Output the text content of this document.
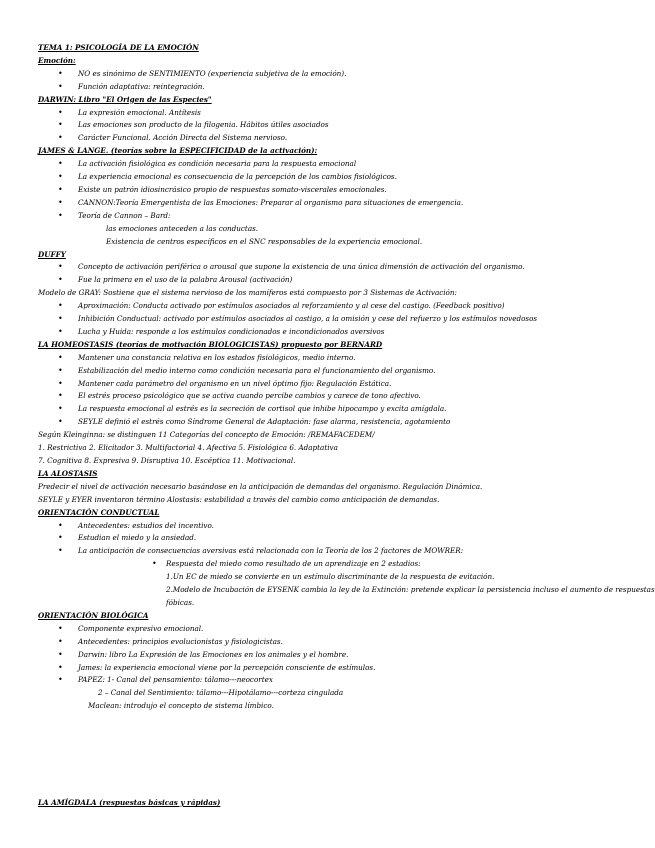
TEMA 1: PSICOLOGÍA DE LA EMOCIÓN
Emoción:
• NO es sinónimo de SENTIMIENTO (experiencia subjetiva de la emoción).
• Función adaptativa: reintegración.
DARWIN: Libro "El Origen de las Especies"
• La expresión emocional. Antítesis
• Las emociones son producto de la filogenia. Hábitos útiles asociados
• Carácter Funcional. Acción Directa del Sistema nervioso.
JAMES & LANGE. (teorías sobre la ESPECIFICIDAD de la activación):
• La activación fisiológica es condición necesaria para la respuesta emocional
• La experiencia emocional es consecuencia de la percepción de los cambios fisiológicos.
• Existe un patrón idiosincrásico propio de respuestas somato-viscerales emocionales.
• CANNON:Teoría Emergentista de las Emociones: Preparar al organismo para situaciones de emergencia.
• Teoría de Cannon – Bard:
las emociones anteceden a las conductas.
Existencia de centros específicos en el SNC responsables de la experiencia emocional.
DUFFY
• Concepto de activación periférica o arousal que supone la existencia de una única dimensión de activación del organismo.
• Fue la primera en el uso de la palabra Arousal (activación)
Modelo de GRAY: Sostiene que el sistema nervioso de los mamíferos está compuesto por 3 Sistemas de Activación:
• Aproximación: Conducta activado por estímulos asociados al reforzamiento y al cese del castigo. (Feedback positivo)
• Inhibición Conductual: activado por estímulos asociados al castigo, a la omisión y cese del refuerzo y los estímulos novedosos
• Lucha y Huida: responde a los estímulos condicionados e incondicionados aversivos
LA HOMEOSTASIS (teorías de motivación BIOLOGICISTAS) propuesto por BERNARD
• Mantener una constancia relativa en los estados fisiológicos, medio interno.
• Estabilización del medio interno como condición necesaria para el funcionamiento del organismo.
• Mantener cada parámetro del organismo en un nivel óptimo fijo: Regulación Estática.
• El estrés proceso psicológico que se activa cuando percibe cambios y carece de tono afectivo.
• La respuesta emocional al estrés es la secreción de cortisol que inhibe hipocampo y excita amígdala.
• SEYLE definió el estrés como Síndrome General de Adaptación: fase alarma, resistencia, agotamiento
Según Kleinginna: se distinguen 11 Categorías del concepto de Emoción: /REMAFACEDEM/
1. Restrictiva 2. Elicitador 3. Multifactorial 4. Afectiva 5. Fisiológica 6. Adaptativa
7. Cognitiva 8. Expresiva 9. Disruptiva 10. Escéptica 11. Motivacional.
LA ALOSTASIS
Predecir el nivel de activación necesario basándose en la anticipación de demandas del organismo. Regulación Dinámica.
SEYLE y EYER inventaron término Alostasis: estabilidad a través del cambio como anticipación de demandas.
ORIENTACIÓN CONDUCTUAL
• Antecedentes: estudios del incentivo.
• Estudian el miedo y la ansiedad.
• La anticipación de consecuencias aversivas está relacionada con la Teoría de los 2 factores de MOWRER:
• Respuesta del miedo como resultado de un aprendizaje en 2 estadios:
1.Un EC de miedo se convierte en un estímulo discriminante de la respuesta de evitación.
2.Modelo de Incubación de EYSENK cambia la ley de la Extinción: pretende explicar la persistencia incluso el aumento de respuestas
fóbicas.
ORIENTACIÓN BIOLÓGICA
• Componente expresivo emocional.
• Antecedentes: principios evolucionistas y fisiologicistas.
• Darwin: libro La Expresión de las Emociones en los animales y el hombre.
• James: la experiencia emocional viene por la percepción consciente de estímulos.
• PAPEZ: 1- Canal del pensamiento: tálamo---neocortex
2 – Canal del Sentimiento: tálamo---Hipotálamo---corteza cingulada
Maclean: introdujo el concepto de sistema límbico.
LA AMÍGDALA (respuestas básicas y rápidas)
